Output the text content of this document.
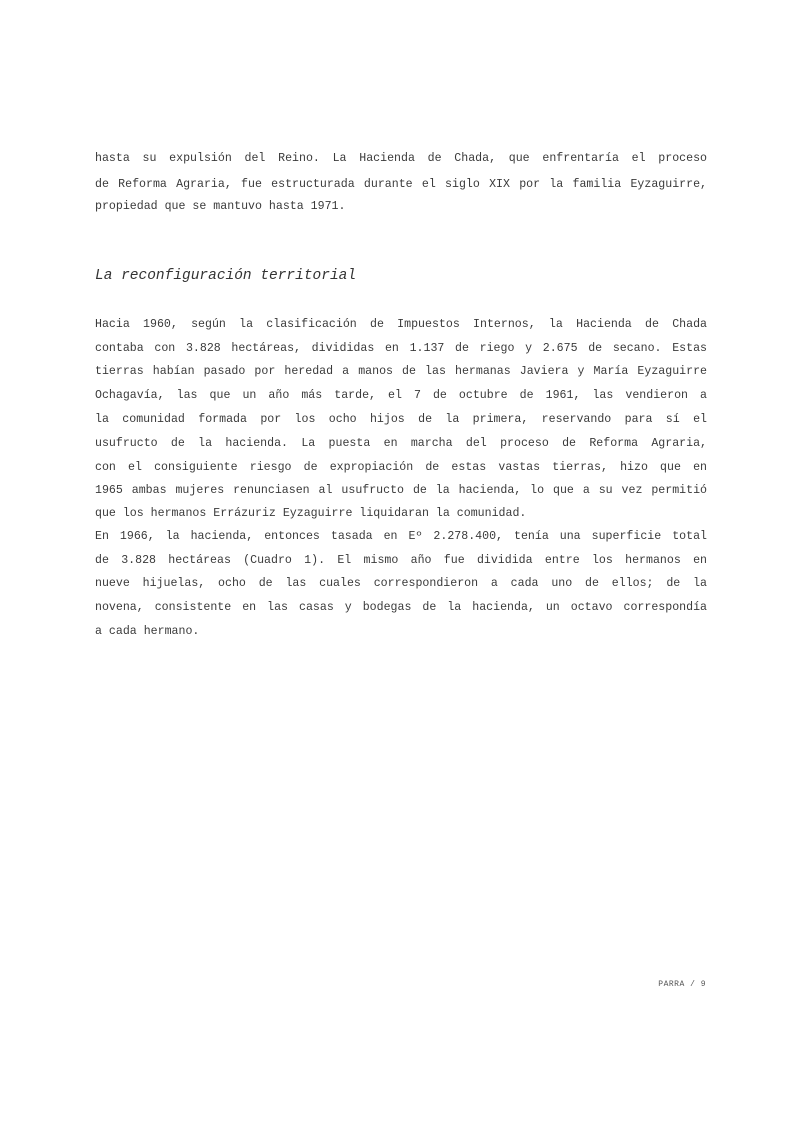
hasta su expulsión del Reino. La Hacienda de Chada, que enfrentaría el proceso
de Reforma Agraria, fue estructurada durante el siglo XIX por la familia Eyzaguirre,
propiedad que se mantuvo hasta 1971.
La reconfiguración territorial
Hacia 1960, según la clasificación de Impuestos Internos, la Hacienda de Chada
contaba con 3.828 hectáreas, divididas en 1.137 de riego y 2.675 de secano. Estas
tierras habían pasado por heredad a manos de las hermanas Javiera y María Eyzaguirre
Ochagavía, las que un año más tarde, el 7 de octubre de 1961, las vendieron a
la comunidad formada por los ocho hijos de la primera, reservando para sí el
usufructo de la hacienda. La puesta en marcha del proceso de Reforma Agraria,
con el consiguiente riesgo de expropiación de estas vastas tierras, hizo que en
1965 ambas mujeres renunciasen al usufructo de la hacienda, lo que a su vez permitió
que los hermanos Errázuriz Eyzaguirre liquidaran la comunidad.
En 1966, la hacienda, entonces tasada en Eº 2.278.400, tenía una superficie total
de 3.828 hectáreas (Cuadro 1). El mismo año fue dividida entre los hermanos en
nueve hijuelas, ocho de las cuales correspondieron a cada uno de ellos; de la
novena, consistente en las casas y bodegas de la hacienda, un octavo correspondía
a cada hermano.
PARRA / 9
